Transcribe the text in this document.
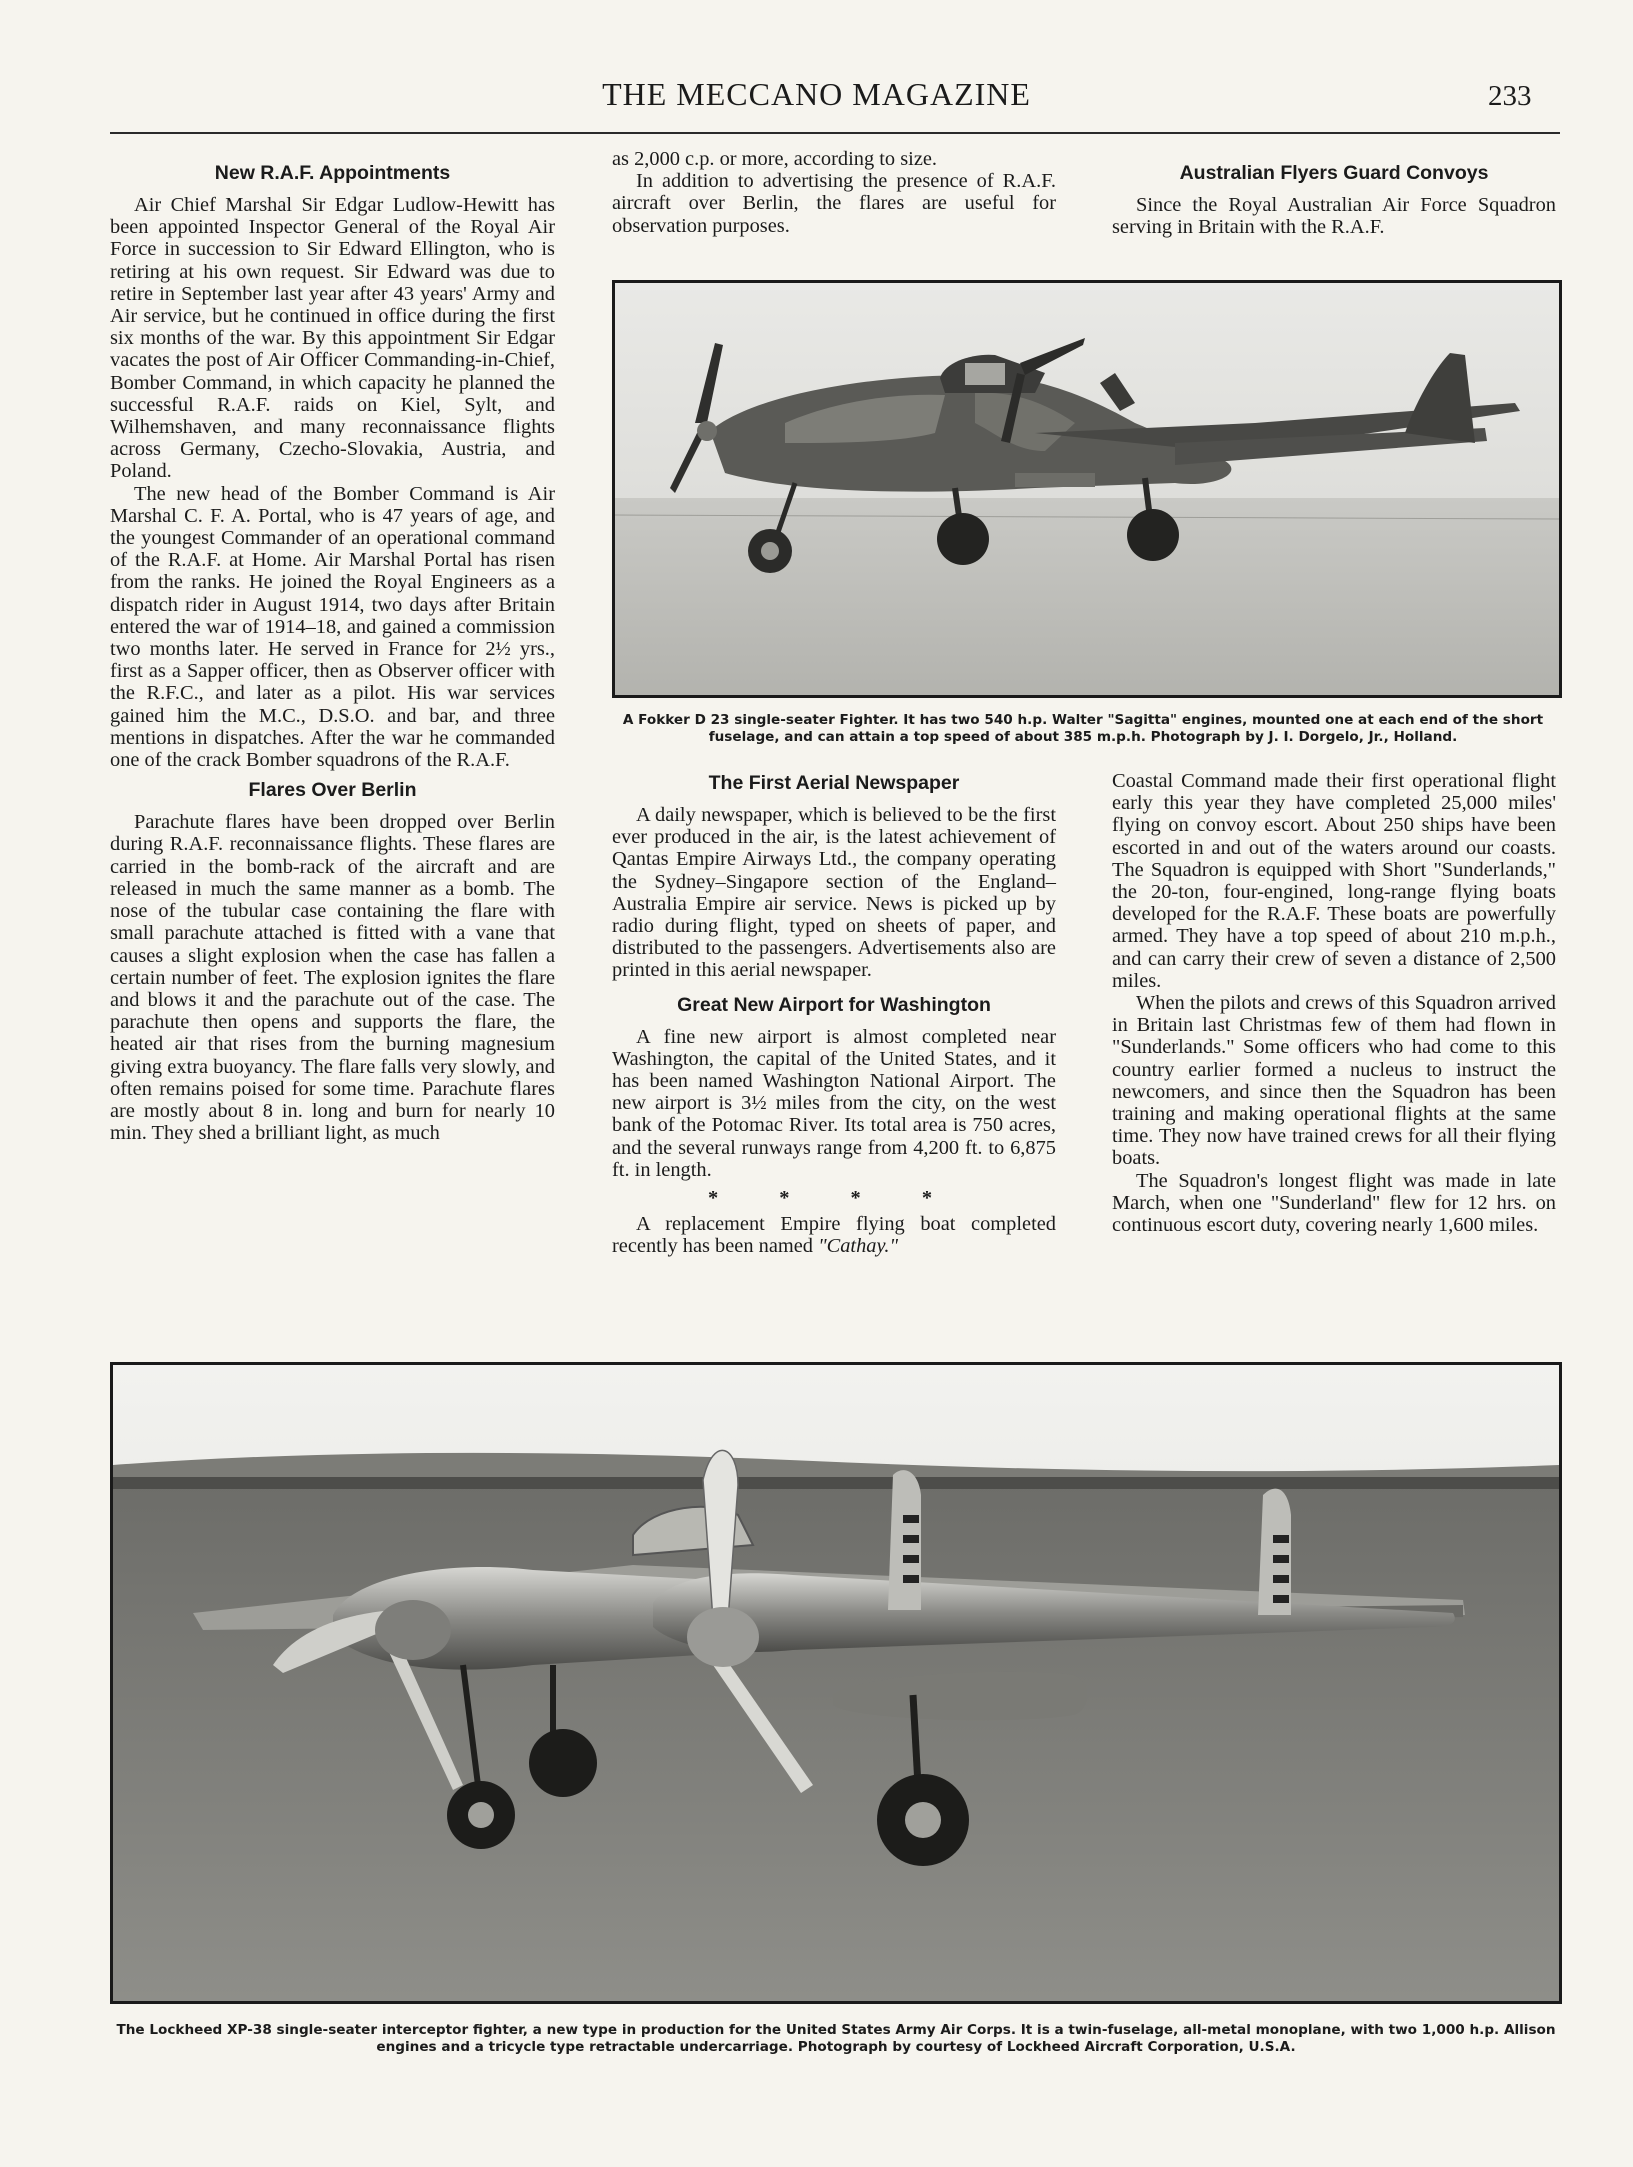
THE MECCANO MAGAZINE	233
New R.A.F. Appointments

Air Chief Marshal Sir Edgar Ludlow-Hewitt has been appointed Inspector General of the Royal Air Force in succession to Sir Edward Ellington, who is retiring at his own request. Sir Edward was due to retire in September last year after 43 years' Army and Air service, but he continued in office during the first six months of the war. By this appointment Sir Edgar vacates the post of Air Officer Commanding-in-Chief, Bomber Command, in which capacity he planned the successful R.A.F. raids on Kiel, Sylt, and Wilhemshaven, and many reconnaissance flights across Germany, Czecho-Slovakia, Austria, and Poland.

The new head of the Bomber Command is Air Marshal C. F. A. Portal, who is 47 years of age, and the youngest Commander of an operational command of the R.A.F. at Home. Air Marshal Portal has risen from the ranks. He joined the Royal Engineers as a dispatch rider in August 1914, two days after Britain entered the war of 1914–18, and gained a commission two months later. He served in France for 2½ yrs., first as a Sapper officer, then as Observer officer with the R.F.C., and later as a pilot. His war services gained him the M.C., D.S.O. and bar, and three mentions in dispatches. After the war he commanded one of the crack Bomber squadrons of the R.A.F.

Flares Over Berlin

Parachute flares have been dropped over Berlin during R.A.F. reconnaissance flights. These flares are carried in the bomb-rack of the aircraft and are released in much the same manner as a bomb. The nose of the tubular case containing the flare with small parachute attached is fitted with a vane that causes a slight explosion when the case has fallen a certain number of feet. The explosion ignites the flare and blows it and the parachute out of the case. The parachute then opens and supports the flare, the heated air that rises from the burning magnesium giving extra buoyancy. The flare falls very slowly, and often remains poised for some time. Parachute flares are mostly about 8 in. long and burn for nearly 10 min. They shed a brilliant light, as much

as 2,000 c.p. or more, according to size.

In addition to advertising the presence of R.A.F. aircraft over Berlin, the flares are useful for observation purposes.

Australian Flyers Guard Convoys

Since the Royal Australian Air Force Squadron serving in Britain with the R.A.F.

A Fokker D 23 single-seater Fighter. It has two 540 h.p. Walter "Sagitta" engines, mounted one at each end of the short fuselage, and can attain a top speed of about 385 m.p.h. Photograph by J. I. Dorgelo, Jr., Holland.
The First Aerial Newspaper

A daily newspaper, which is believed to be the first ever produced in the air, is the latest achievement of Qantas Empire Airways Ltd., the company operating the Sydney–Singapore section of the England–Australia Empire air service. News is picked up by radio during flight, typed on sheets of paper, and distributed to the passengers. Advertisements also are printed in this aerial newspaper.

Great New Airport for Washington

A fine new airport is almost completed near Washington, the capital of the United States, and it has been named Washington National Airport. The new airport is 3½ miles from the city, on the west bank of the Potomac River. Its total area is 750 acres, and the several runways range from 4,200 ft. to 6,875 ft. in length.

* * * *

A replacement Empire flying boat completed recently has been named "Cathay."

Coastal Command made their first operational flight early this year they have completed 25,000 miles' flying on convoy escort. About 250 ships have been escorted in and out of the waters around our coasts. The Squadron is equipped with Short "Sunderlands," the 20-ton, four-engined, long-range flying boats developed for the R.A.F. These boats are powerfully armed. They have a top speed of about 210 m.p.h., and can carry their crew of seven a distance of 2,500 miles.

When the pilots and crews of this Squadron arrived in Britain last Christmas few of them had flown in "Sunderlands." Some officers who had come to this country earlier formed a nucleus to instruct the newcomers, and since then the Squadron has been training and making operational flights at the same time. They now have trained crews for all their flying boats.

The Squadron's longest flight was made in late March, when one "Sunderland" flew for 12 hrs. on continuous escort duty, covering nearly 1,600 miles.

The Lockheed XP-38 single-seater interceptor fighter, a new type in production for the United States Army Air Corps. It is a twin-fuselage, all-metal monoplane, with two 1,000 h.p. Allison engines and a tricycle type retractable undercarriage. Photograph by courtesy of Lockheed Aircraft Corporation, U.S.A.
